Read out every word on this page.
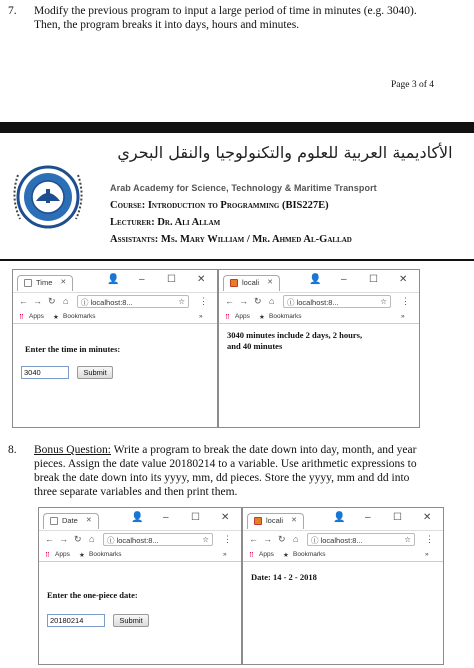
7.	Modify the previous program to input a large period of time in minutes (e.g. 3040).
Then, the program breaks it into days, hours and minutes.
Page 3 of 4
الأكاديمية العربية للعلوم والتكنولوجيا والنقل البحري
Arab Academy for Science, Technology & Maritime Transport
Course: Introduction to Programming (BIS227E)
Lecturer: Dr. Ali Allam
Assistants: Ms. Mary William / Mr. Ahmed Al-Gallad
👤 – ☐ ✕
Time ✕
← → ↻ ⌂	ⓘ localhost:8...	☆ ⋮
⠿ Apps ★ Bookmarks	»
Enter the time in minutes:
3040	Submit
👤 – ☐ ✕
locali ✕
← → ↻ ⌂	ⓘ localhost:8...	☆ ⋮
⠿ Apps ★ Bookmarks	»
3040 minutes include 2 days, 2 hours,
and 40 minutes
8.	Bonus Question: Write a program to break the date down into day, month, and year
pieces. Assign the date value 20180214 to a variable. Use arithmetic expressions to
break the date down into its yyyy, mm, dd pieces. Store the yyyy, mm and dd into
three separate variables and then print them.
👤 – ☐ ✕
Date ✕
← → ↻ ⌂	ⓘ localhost:8...	☆ ⋮
⠿ Apps ★ Bookmarks	»
Enter the one-piece date:
20180214	Submit
👤 – ☐ ✕
locali ✕
← → ↻ ⌂	ⓘ localhost:8...	☆ ⋮
⠿ Apps ★ Bookmarks	»
Date: 14 - 2 - 2018
